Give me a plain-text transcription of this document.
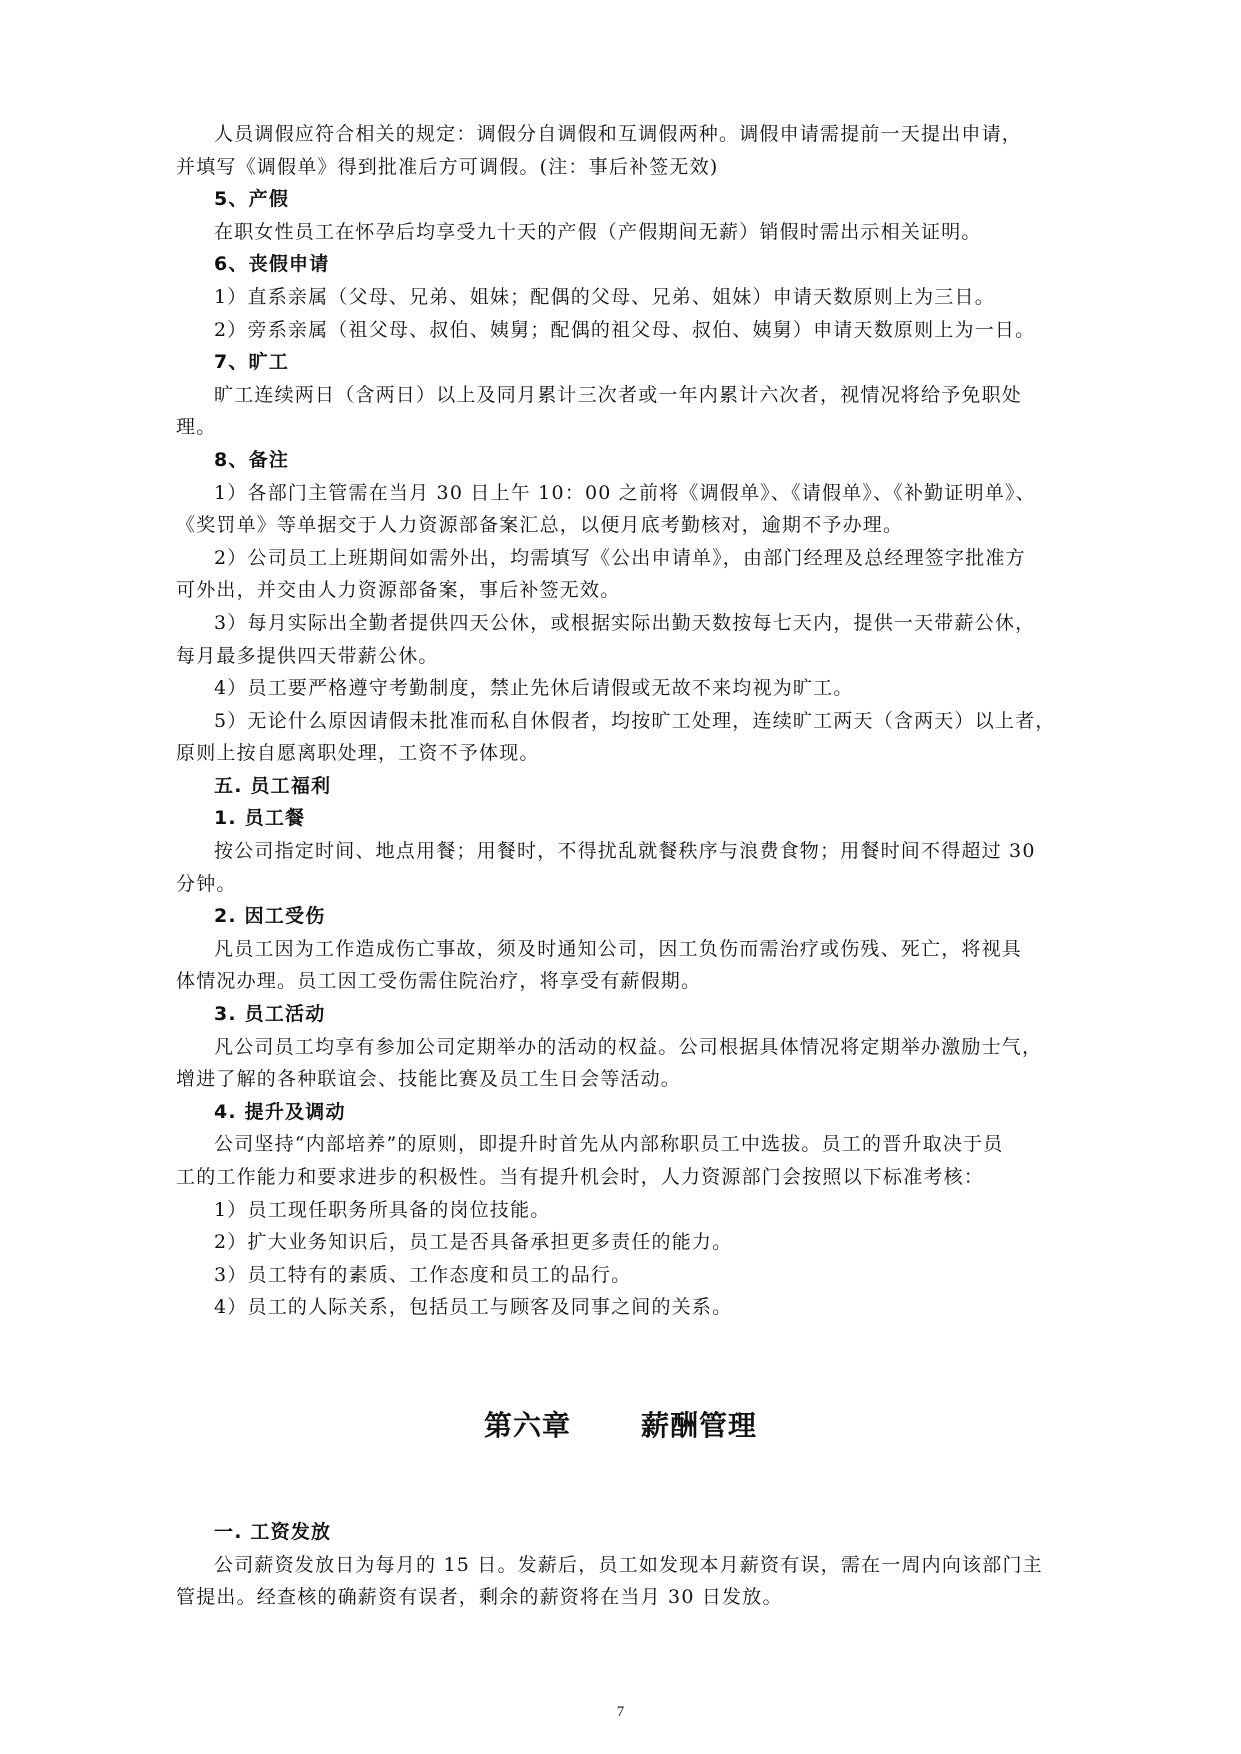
人员调假应符合相关的规定：调假分自调假和互调假两种。调假申请需提前一天提出申请，
并填写《调假单》得到批准后方可调假。(注：事后补签无效)
5、产假
在职女性员工在怀孕后均享受九十天的产假（产假期间无薪）销假时需出示相关证明。
6、丧假申请
1）直系亲属（父母、兄弟、姐妹；配偶的父母、兄弟、姐妹）申请天数原则上为三日。
2）旁系亲属（祖父母、叔伯、姨舅；配偶的祖父母、叔伯、姨舅）申请天数原则上为一日。
7、旷工
旷工连续两日（含两日）以上及同月累计三次者或一年内累计六次者，视情况将给予免职处
理。
8、备注
1）各部门主管需在当月 30 日上午 10：00 之前将《调假单》、《请假单》、《补勤证明单》、
《奖罚单》等单据交于人力资源部备案汇总，以便月底考勤核对，逾期不予办理。
2）公司员工上班期间如需外出，均需填写《公出申请单》，由部门经理及总经理签字批准方
可外出，并交由人力资源部备案，事后补签无效。
3）每月实际出全勤者提供四天公休，或根据实际出勤天数按每七天内，提供一天带薪公休，
每月最多提供四天带薪公休。
4）员工要严格遵守考勤制度，禁止先休后请假或无故不来均视为旷工。
5）无论什么原因请假未批准而私自休假者，均按旷工处理，连续旷工两天（含两天）以上者，
原则上按自愿离职处理，工资不予体现。
五. 员工福利
1. 员工餐
按公司指定时间、地点用餐；用餐时，不得扰乱就餐秩序与浪费食物；用餐时间不得超过 30
分钟。
2. 因工受伤
凡员工因为工作造成伤亡事故，须及时通知公司，因工负伤而需治疗或伤残、死亡，将视具
体情况办理。员工因工受伤需住院治疗，将享受有薪假期。
3. 员工活动
凡公司员工均享有参加公司定期举办的活动的权益。公司根据具体情况将定期举办激励士气，
增进了解的各种联谊会、技能比赛及员工生日会等活动。
4. 提升及调动
公司坚持“内部培养”的原则，即提升时首先从内部称职员工中选拔。员工的晋升取决于员
工的工作能力和要求进步的积极性。当有提升机会时，人力资源部门会按照以下标准考核：
1）员工现任职务所具备的岗位技能。
2）扩大业务知识后，员工是否具备承担更多责任的能力。
3）员工特有的素质、工作态度和员工的品行。
4）员工的人际关系，包括员工与顾客及同事之间的关系。
第六章	薪酬管理
一. 工资发放
公司薪资发放日为每月的 15 日。发薪后，员工如发现本月薪资有误，需在一周内向该部门主
管提出。经查核的确薪资有误者，剩余的薪资将在当月 30 日发放。
7
